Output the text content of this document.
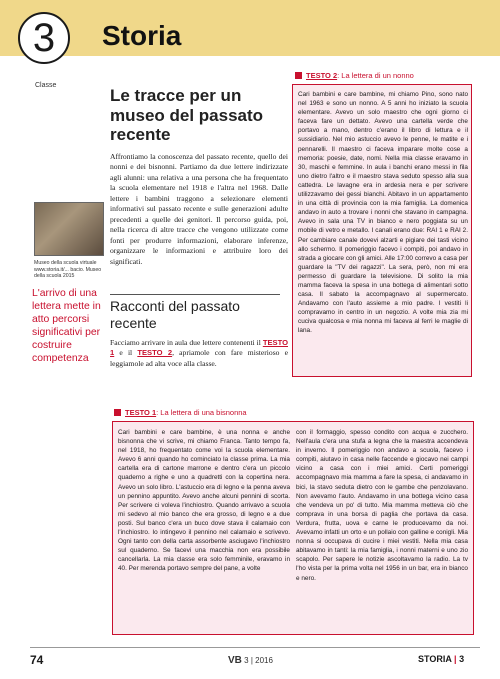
3
Classe
Storia
Le tracce per un museo del passato recente

Affrontiamo la conoscenza del passato recente, quello dei nonni e dei bisnonni. Partiamo da due lettere indirizzate agli alunni: una relativa a una persona che ha frequentato la scuola elementare nel 1918 e l'altra nel 1968. Dalle lettere i bambini traggono a selezionare elementi informativi sul passato recente e sulle generazioni adulte precedenti a quelle dei genitori. Il percorso guida, poi, nella ricerca di altre tracce che vengono utilizzate come fonti per produrre informazioni, elaborare inferenze, organizzare le informazioni e attribuire loro dei significati.

Museo della scuola virtuale www.storia.it/... bacio. Museo della scuola 2015
L'arrivo di una lettera mette in atto percorsi significativi per costruire competenza
Racconti del passato recente

Facciamo arrivare in aula due lettere contenenti il TESTO 1 e il TESTO 2, apriamole con fare misterioso e leggiamole ad alta voce alla classe.

TESTO 2: La lettera di un nonno

Cari bambini e care bambine, mi chiamo Pino, sono nato nel 1963 e sono un nonno. A 5 anni ho iniziato la scuola elementare. Avevo un solo maestro che ogni giorno ci faceva fare un dettato. Avevo una cartella verde che portavo a mano, dentro c'erano il libro di lettura e il sussidiario. Nel mio astuccio avevo le penne, le matite e i pennarelli. Il maestro ci faceva imparare molte cose a memoria: poesie, date, nomi. Nella mia classe eravamo in 30, maschi e femmine. In aula i banchi erano messi in fila uno dietro l'altro e il maestro stava seduto spesso alla sua cattedra. Le lavagne era in ardesia nera e per scrivere utilizzavamo dei gessi bianchi. Abitavo in un appartamento in una città di provincia con la mia famiglia. La domenica andavo in auto a trovare i nonni che stavano in campagna. Avevo in sala una TV in bianco e nero poggiata su un mobile di vetro e metallo. I canali erano due: RAI 1 e RAI 2. Per cambiare canale dovevi alzarti e pigiare dei tasti vicino allo schermo. Il pomeriggio facevo i compiti, poi andavo in strada a giocare con gli amici. Alle 17:00 correvo a casa per guardare la "TV dei ragazzi". La sera, però, non mi era permesso di guardare la televisione. Di solito la mia mamma faceva la spesa in una bottega di alimentari sotto casa. Il sabato la accompagnavo al supermercato. Andavamo con l'auto assieme a mio padre. I vestiti li compravamo in centro in un negozio. A volte mia zia mi cuciva qualcosa e mia nonna mi faceva al ferri le maglie di lana.

TESTO 1: La lettera di una bisnonna

Cari bambini e care bambine, è una nonna e anche bisnonna che vi scrive, mi chiamo Franca. Tanto tempo fa, nel 1918, ho frequentato come voi la scuola elementare. Avevo 6 anni quando ho cominciato la classe prima. La mia cartella era di cartone marrone e dentro c'era un piccolo quaderno a righe e uno a quadretti con la copertina nera. Avevo un solo libro. L'astuccio era di legno e la penna aveva un pennino appuntito. Avevo anche alcuni pennini di scorta. Per scrivere ci voleva l'inchiostro. Quando arrivavo a scuola mi sedevo al mio banco che era grosso, di legno e a due posti. Sul banco c'era un buco dove stava il calamaio con l'inchiostro. Io intingevo il pennino nel calamaio e scrivevo. Ogni tanto con della carta assorbente asciugavo l'inchiostro sul quaderno. Se facevi una macchia non era possibile cancellarla. La mia classe era solo femminile, eravamo in 40. Per merenda portavo sempre del pane, a volte

con il formaggio, spesso condito con acqua e zucchero. Nell'aula c'era una stufa a legna che la maestra accendeva in inverno. Il pomeriggio non andavo a scuola, facevo i compiti, aiutavo in casa nelle faccende e giocavo nei campi vicino a casa con i miei amici. Certi pomeriggi accompagnavo mia mamma a fare la spesa, ci andavamo in bici, la stavo seduta dietro con le gambe che penzolavano. Non avevamo l'auto. Andavamo in una bottega vicino casa che vendeva un po' di tutto. Mia mamma metteva ciò che comprava in una borsa di paglia che portava da casa. Verdura, frutta, uova e carne le producevamo da noi. Avevamo infatti un orto e un pollaio con galline e conigli. Mia nonna si occupava di cucire i miei vestiti. Nella mia casa abitavamo in tanti: la mia famiglia, i nonni materni e uno zio scapolo. Per sapere le notizie ascoltavamo la radio. La tv l'ho vista per la prima volta nel 1956 in un bar, era in bianco e nero.

74	VB 3 | 2016	STORIA | 3
